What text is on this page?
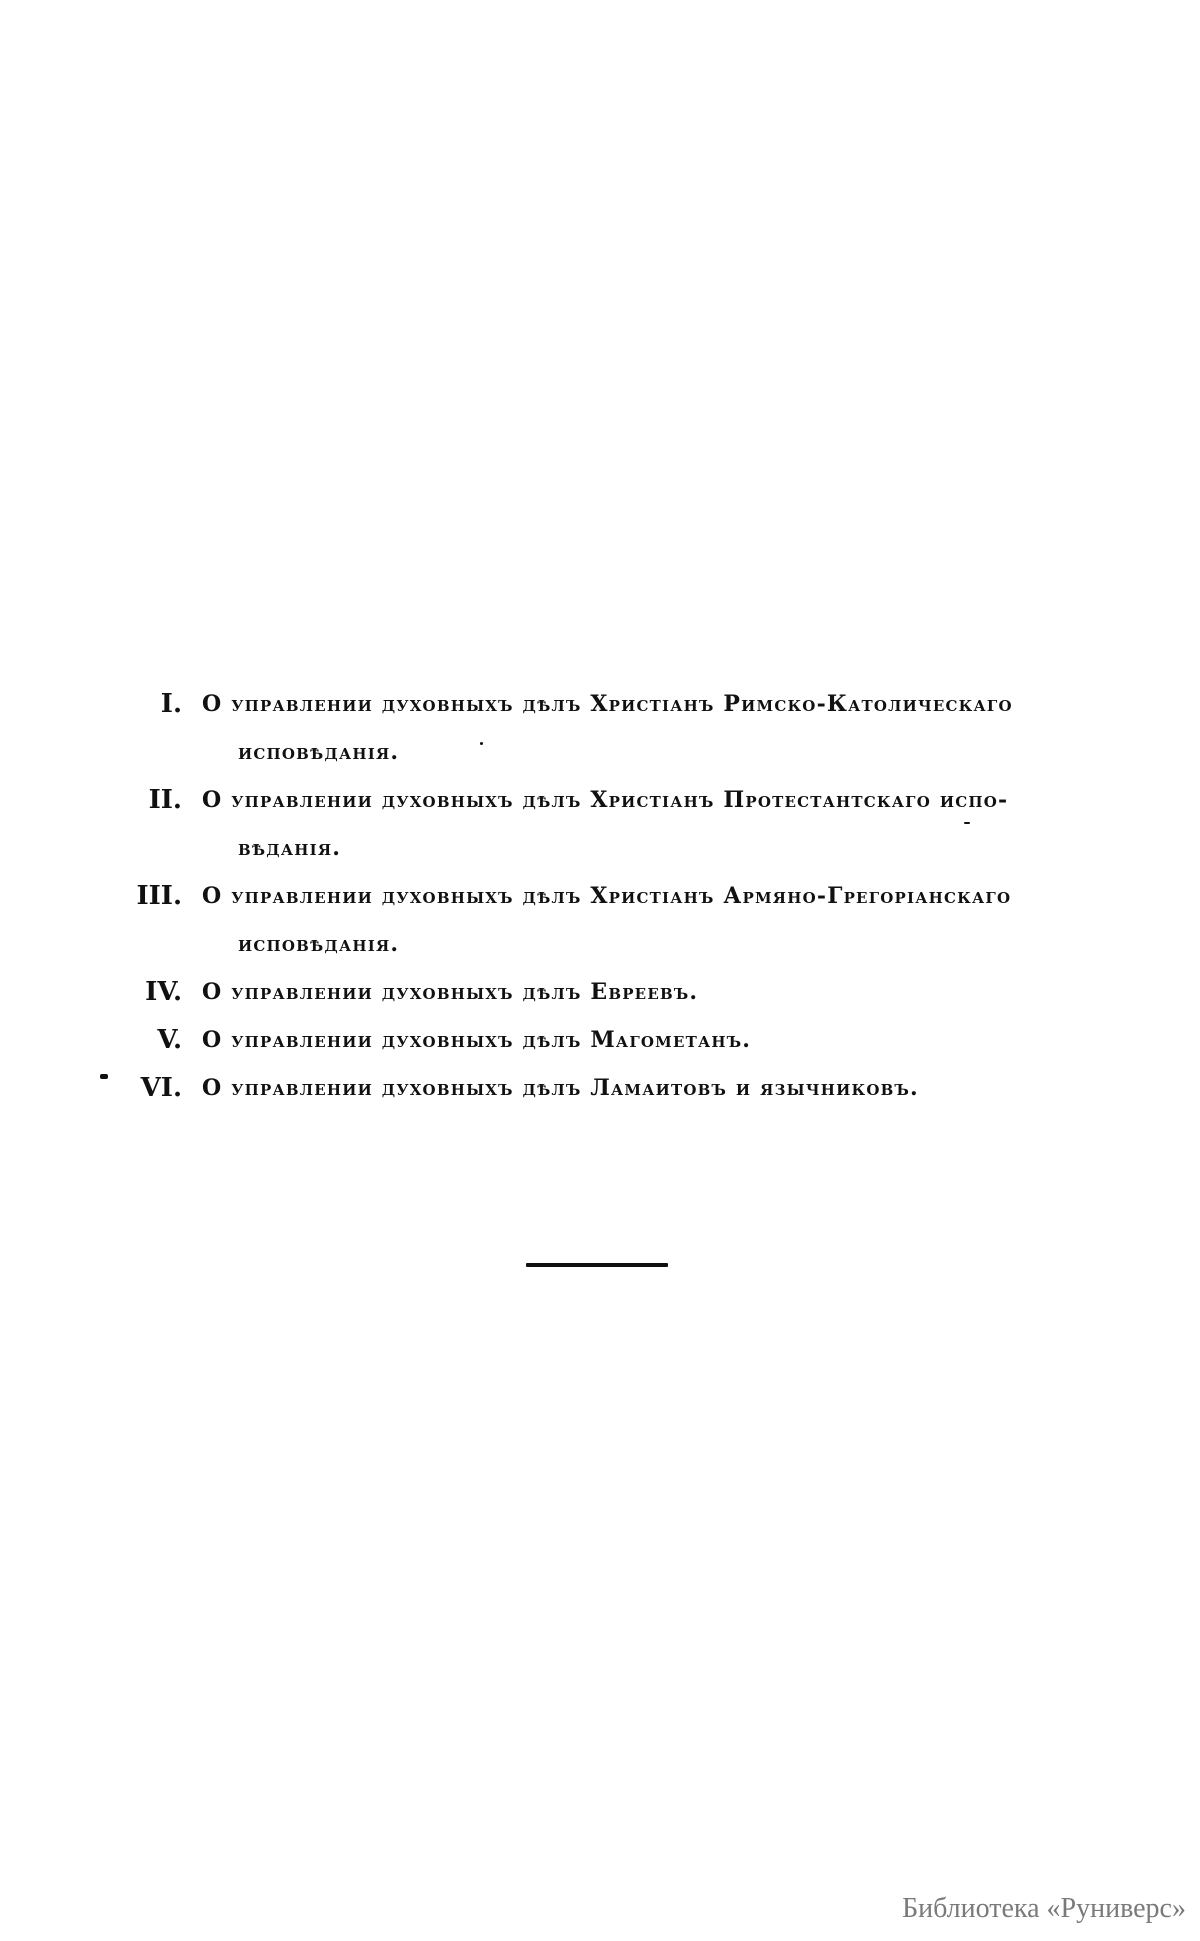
I. О управлении духовныхъ дѣлъ Христіанъ Римско-Католическаго
исповѣданія.
II. О управлении духовныхъ дѣлъ Христіанъ Протестантскаго испо-
вѣданія.
III. О управлении духовныхъ дѣлъ Христіанъ Армяно-Грегоріанскаго
исповѣданія.
IV. О управлении духовныхъ дѣлъ Евреевъ.
V. О управлении духовныхъ дѣлъ Магометанъ.
VI. О управлении духовныхъ дѣлъ Ламаитовъ и язычниковъ.
Библиотека «Руниверс»
